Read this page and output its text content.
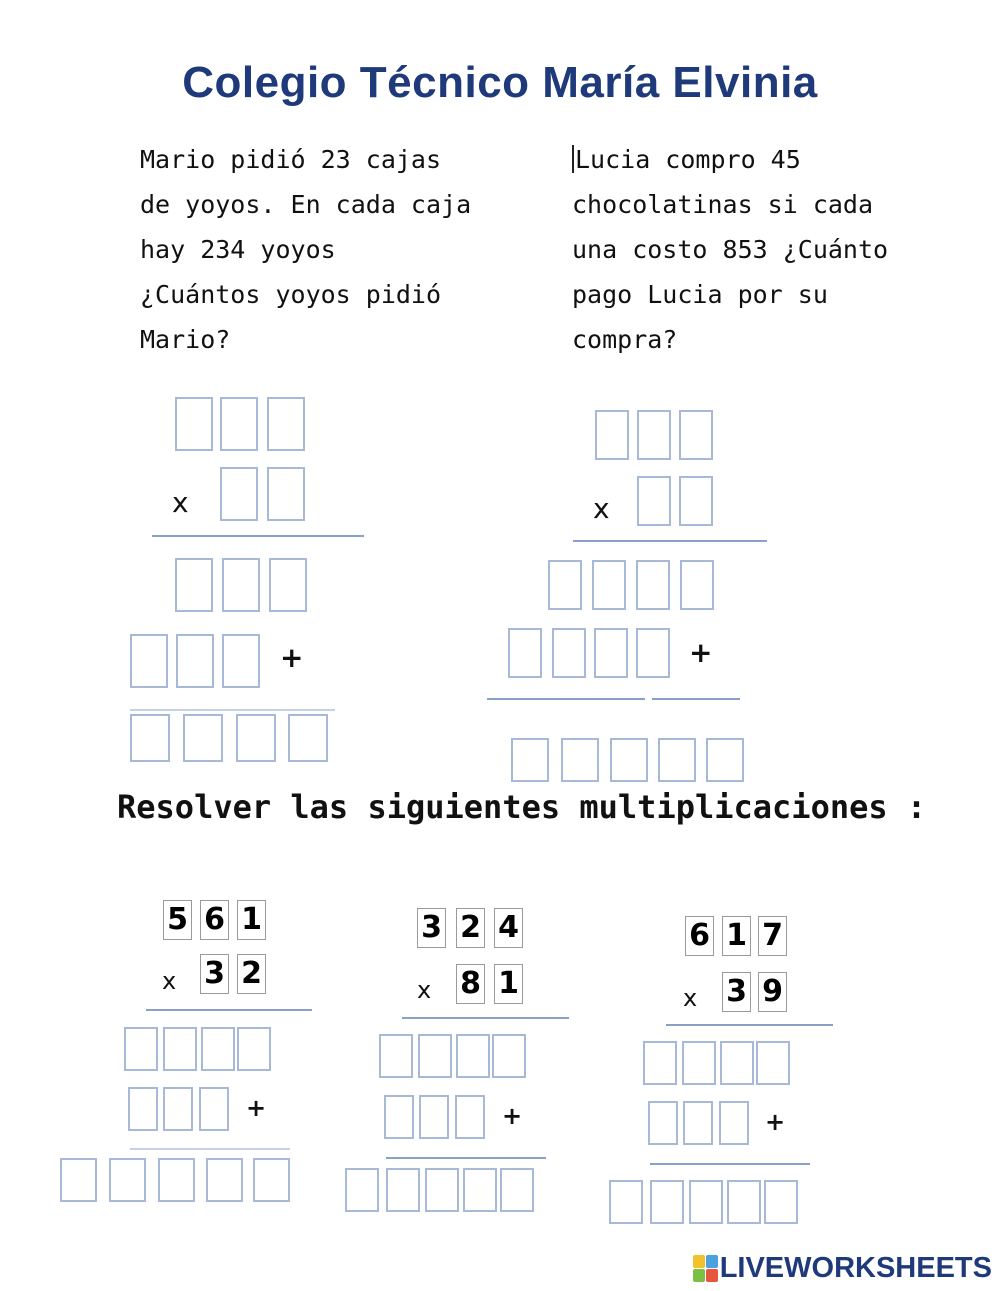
Colegio Técnico María Elvinia
Mario pidió 23 cajas
de yoyos. En cada caja
hay 234 yoyos
¿Cuántos yoyos pidió
Mario?
Lucia compro 45
chocolatinas si cada
una costo 853 ¿Cuánto
pago Lucia por su
compra?
x
+
x
+
Resolver las siguientes multiplicaciones :
5 6 1
x 3 2
+
3 2 4
x 8 1
+
6 1 7
x 3 9
+
LIVEWORKSHEETS
